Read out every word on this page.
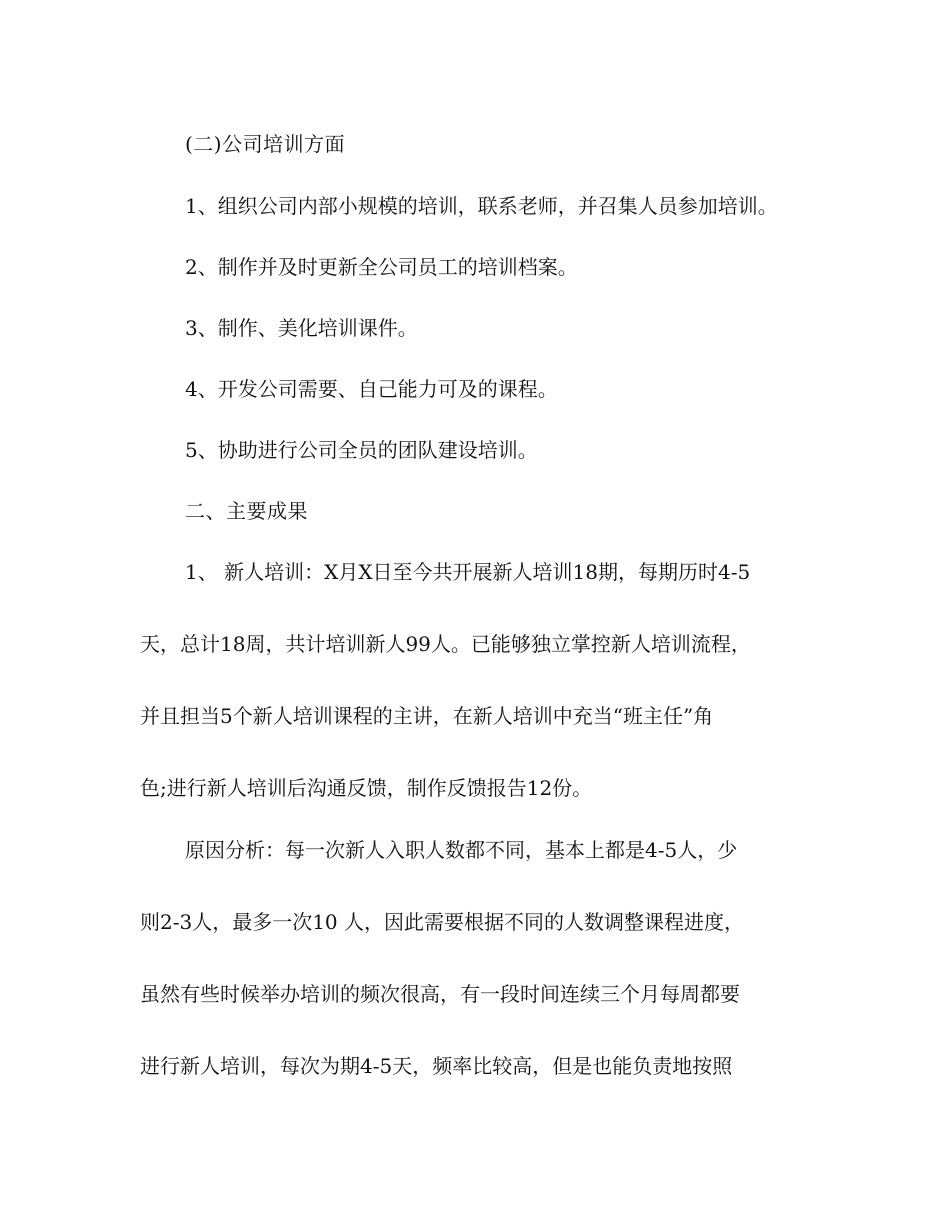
(二)公司培训方面
1、组织公司内部小规模的培训，联系老师，并召集人员参加培训。
2、制作并及时更新全公司员工的培训档案。
3、制作、美化培训课件。
4、开发公司需要、自己能力可及的课程。
5、协助进行公司全员的团队建设培训。
二、主要成果
1、 新人培训：X月X日至今共开展新人培训18期，每期历时4-5
天，总计18周，共计培训新人99人。已能够独立掌控新人培训流程，
并且担当5个新人培训课程的主讲，在新人培训中充当“班主任”角
色;进行新人培训后沟通反馈，制作反馈报告12份。
原因分析：每一次新人入职人数都不同，基本上都是4-5人，少
则2-3人，最多一次10 人，因此需要根据不同的人数调整课程进度，
虽然有些时候举办培训的频次很高，有一段时间连续三个月每周都要
进行新人培训，每次为期4-5天，频率比较高，但是也能负责地按照
